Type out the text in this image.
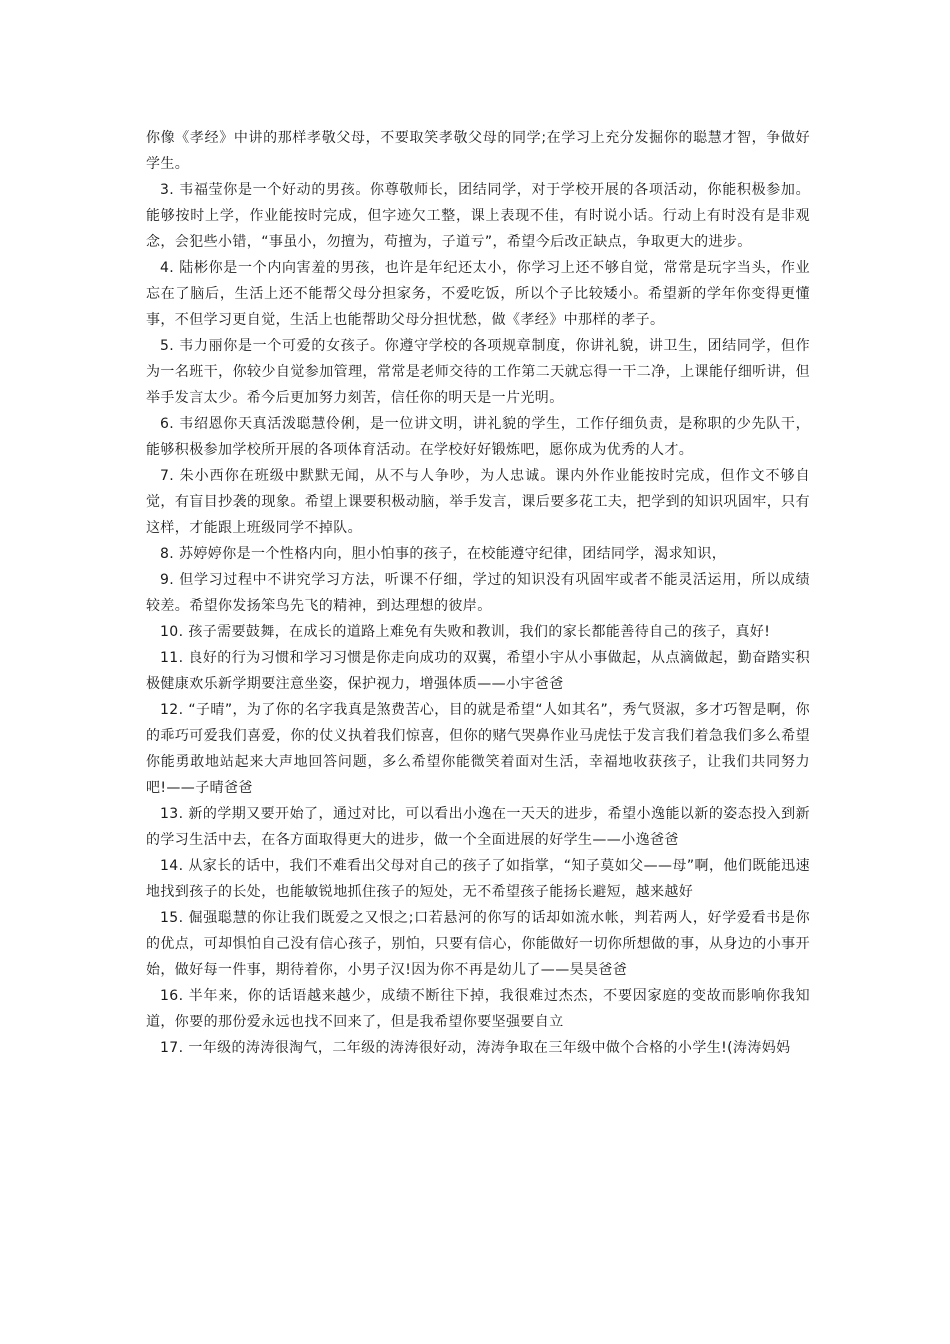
你像《孝经》中讲的那样孝敬父母，不要取笑孝敬父母的同学;在学习上充分发掘你的聪慧才智，争做好学生。

3. 韦福莹你是一个好动的男孩。你尊敬师长，团结同学，对于学校开展的各项活动，你能积极参加。能够按时上学，作业能按时完成，但字迹欠工整，课上表现不佳，有时说小话。行动上有时没有是非观念，会犯些小错，“事虽小，勿擅为，苟擅为，子道亏”，希望今后改正缺点，争取更大的进步。

4. 陆彬你是一个内向害羞的男孩，也许是年纪还太小，你学习上还不够自觉，常常是玩字当头，作业忘在了脑后，生活上还不能帮父母分担家务，不爱吃饭，所以个子比较矮小。希望新的学年你变得更懂事，不但学习更自觉，生活上也能帮助父母分担忧愁，做《孝经》中那样的孝子。

5. 韦力丽你是一个可爱的女孩子。你遵守学校的各项规章制度，你讲礼貌，讲卫生，团结同学，但作为一名班干，你较少自觉参加管理，常常是老师交待的工作第二天就忘得一干二净，上课能仔细听讲，但举手发言太少。希今后更加努力刻苦，信任你的明天是一片光明。

6. 韦绍恩你天真活泼聪慧伶俐，是一位讲文明，讲礼貌的学生，工作仔细负责，是称职的少先队干，能够积极参加学校所开展的各项体育活动。在学校好好锻炼吧，愿你成为优秀的人才。

7. 朱小西你在班级中默默无闻，从不与人争吵，为人忠诚。课内外作业能按时完成，但作文不够自觉，有盲目抄袭的现象。希望上课要积极动脑，举手发言，课后要多花工夫，把学到的知识巩固牢，只有这样，才能跟上班级同学不掉队。

8. 苏婷婷你是一个性格内向，胆小怕事的孩子，在校能遵守纪律，团结同学，渴求知识，

9. 但学习过程中不讲究学习方法，听课不仔细，学过的知识没有巩固牢或者不能灵活运用，所以成绩较差。希望你发扬笨鸟先飞的精神，到达理想的彼岸。

10. 孩子需要鼓舞，在成长的道路上难免有失败和教训，我们的家长都能善待自己的孩子，真好!

11. 良好的行为习惯和学习习惯是你走向成功的双翼，希望小宇从小事做起，从点滴做起，勤奋踏实积极健康欢乐新学期要注意坐姿，保护视力，增强体质——小宇爸爸

12. “子晴”，为了你的名字我真是煞费苦心，目的就是希望“人如其名”，秀气贤淑，多才巧智是啊，你的乖巧可爱我们喜爱，你的仗义执着我们惊喜，但你的赌气哭鼻作业马虎怯于发言我们着急我们多么希望你能勇敢地站起来大声地回答问题，多么希望你能微笑着面对生活，幸福地收获孩子，让我们共同努力吧!——子晴爸爸

13. 新的学期又要开始了，通过对比，可以看出小逸在一天天的进步，希望小逸能以新的姿态投入到新的学习生活中去，在各方面取得更大的进步，做一个全面进展的好学生——小逸爸爸

14. 从家长的话中，我们不难看出父母对自己的孩子了如指掌，“知子莫如父——母”啊，他们既能迅速地找到孩子的长处，也能敏锐地抓住孩子的短处，无不希望孩子能扬长避短，越来越好

15. 倔强聪慧的你让我们既爱之又恨之;口若悬河的你写的话却如流水帐，判若两人，好学爱看书是你的优点，可却惧怕自己没有信心孩子，别怕，只要有信心，你能做好一切你所想做的事，从身边的小事开始，做好每一件事，期待着你，小男子汉!因为你不再是幼儿了——昊昊爸爸

16. 半年来，你的话语越来越少，成绩不断往下掉，我很难过杰杰，不要因家庭的变故而影响你我知道，你要的那份爱永远也找不回来了，但是我希望你要坚强要自立

17. 一年级的涛涛很淘气，二年级的涛涛很好动，涛涛争取在三年级中做个合格的小学生!(涛涛妈妈
